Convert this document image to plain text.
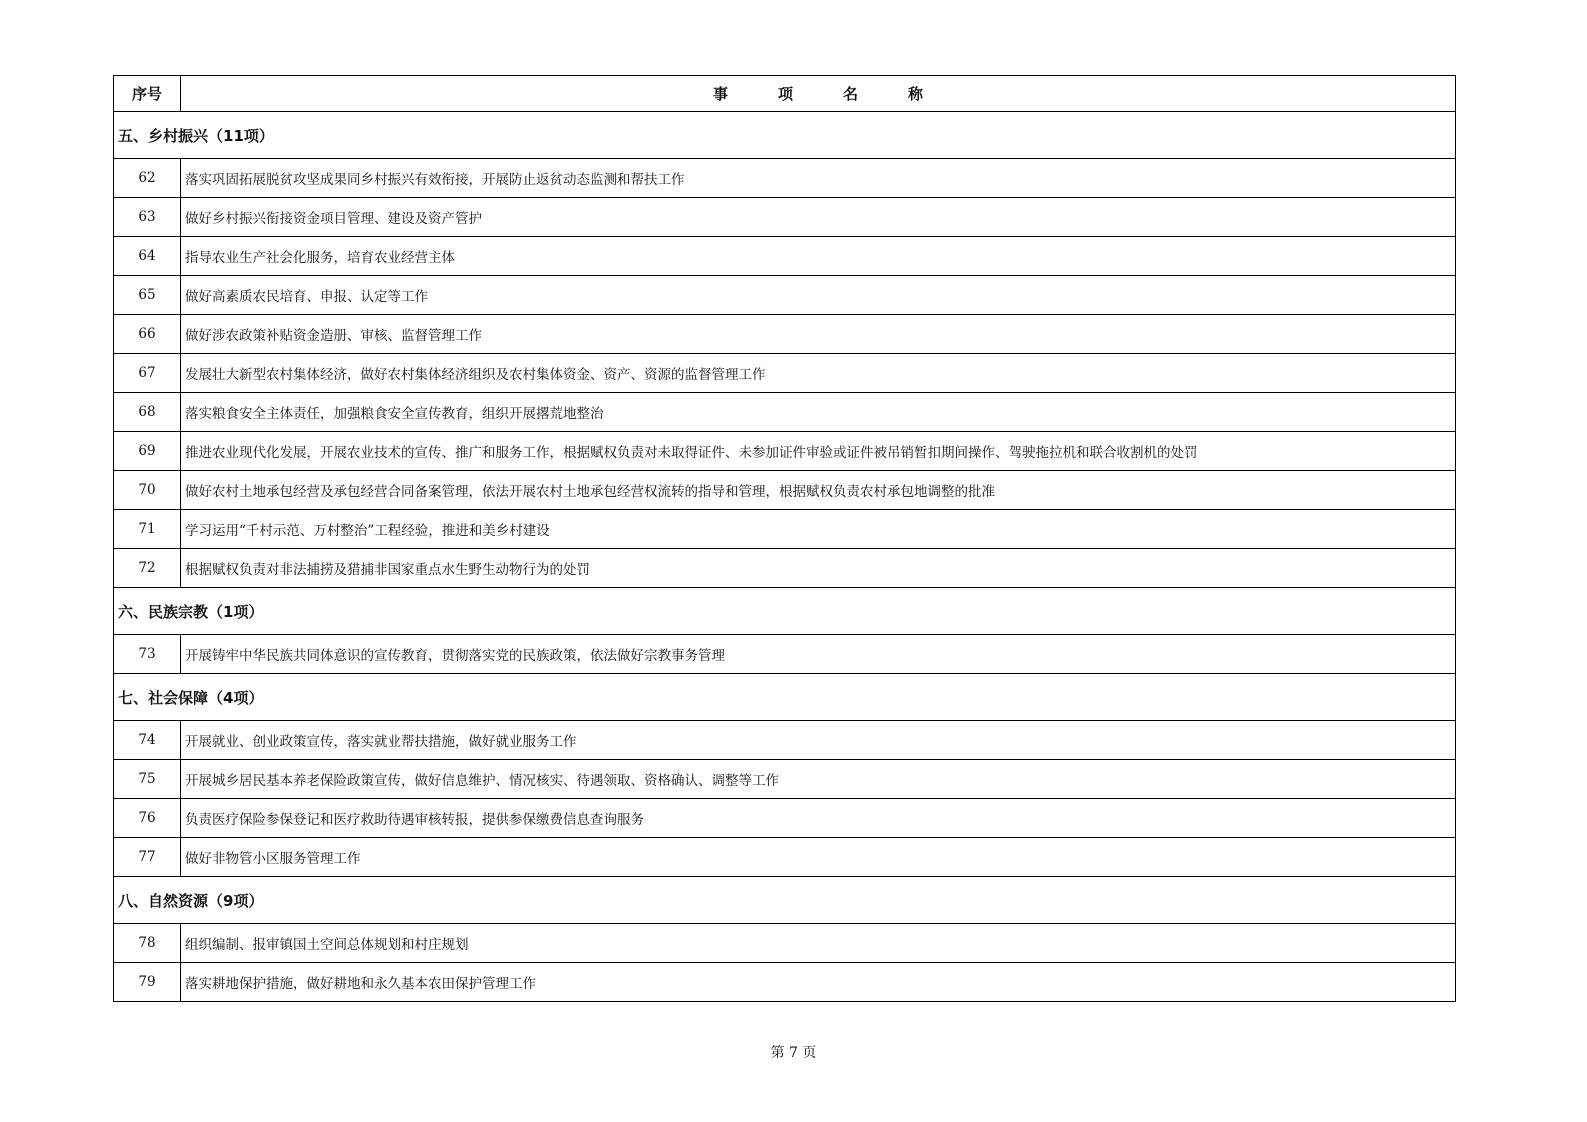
序号	事 项 名 称
五、乡村振兴（11项）	
62	落实巩固拓展脱贫攻坚成果同乡村振兴有效衔接，开展防止返贫动态监测和帮扶工作
63	做好乡村振兴衔接资金项目管理、建设及资产管护
64	指导农业生产社会化服务，培育农业经营主体
65	做好高素质农民培育、申报、认定等工作
66	做好涉农政策补贴资金造册、审核、监督管理工作
67	发展壮大新型农村集体经济，做好农村集体经济组织及农村集体资金、资产、资源的监督管理工作
68	落实粮食安全主体责任，加强粮食安全宣传教育，组织开展撂荒地整治
69	推进农业现代化发展，开展农业技术的宣传、推广和服务工作，根据赋权负责对未取得证件、未参加证件审验或证件被吊销暂扣期间操作、驾驶拖拉机和联合收割机的处罚
70	做好农村土地承包经营及承包经营合同备案管理，依法开展农村土地承包经营权流转的指导和管理，根据赋权负责农村承包地调整的批准
71	学习运用“千村示范、万村整治”工程经验，推进和美乡村建设
72	根据赋权负责对非法捕捞及猎捕非国家重点水生野生动物行为的处罚
六、民族宗教（1项）	
73	开展铸牢中华民族共同体意识的宣传教育，贯彻落实党的民族政策，依法做好宗教事务管理
七、社会保障（4项）	
74	开展就业、创业政策宣传，落实就业帮扶措施，做好就业服务工作
75	开展城乡居民基本养老保险政策宣传，做好信息维护、情况核实、待遇领取、资格确认、调整等工作
76	负责医疗保险参保登记和医疗救助待遇审核转报，提供参保缴费信息查询服务
77	做好非物管小区服务管理工作
八、自然资源（9项）	
78	组织编制、报审镇国土空间总体规划和村庄规划
79	落实耕地保护措施，做好耕地和永久基本农田保护管理工作
第 7 页
